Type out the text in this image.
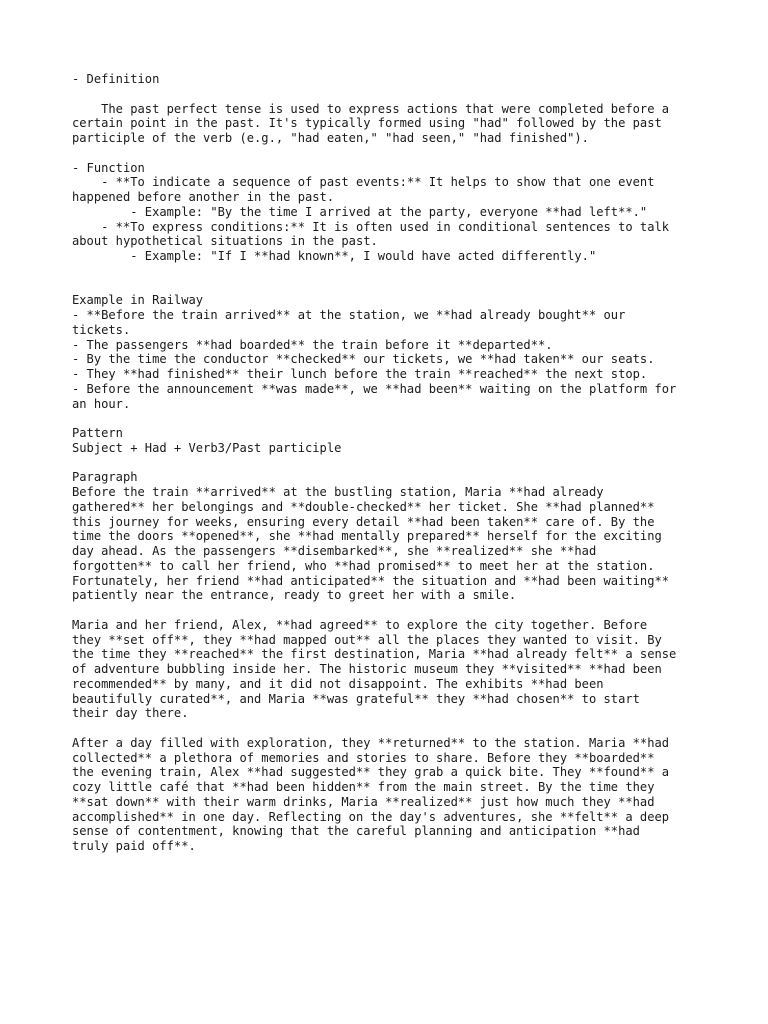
- Definition
The past perfect tense is used to express actions that were completed before a
certain point in the past. It's typically formed using "had" followed by the past
participle of the verb (e.g., "had eaten," "had seen," "had finished").
- Function
- **To indicate a sequence of past events:** It helps to show that one event
happened before another in the past.
- Example: "By the time I arrived at the party, everyone **had left**."
- **To express conditions:** It is often used in conditional sentences to talk
about hypothetical situations in the past.
- Example: "If I **had known**, I would have acted differently."
Example in Railway
- **Before the train arrived** at the station, we **had already bought** our
tickets.
- The passengers **had boarded** the train before it **departed**.
- By the time the conductor **checked** our tickets, we **had taken** our seats.
- They **had finished** their lunch before the train **reached** the next stop.
- Before the announcement **was made**, we **had been** waiting on the platform for
an hour.
Pattern
Subject + Had + Verb3/Past participle
Paragraph
Before the train **arrived** at the bustling station, Maria **had already
gathered** her belongings and **double-checked** her ticket. She **had planned**
this journey for weeks, ensuring every detail **had been taken** care of. By the
time the doors **opened**, she **had mentally prepared** herself for the exciting
day ahead. As the passengers **disembarked**, she **realized** she **had
forgotten** to call her friend, who **had promised** to meet her at the station.
Fortunately, her friend **had anticipated** the situation and **had been waiting**
patiently near the entrance, ready to greet her with a smile.
Maria and her friend, Alex, **had agreed** to explore the city together. Before
they **set off**, they **had mapped out** all the places they wanted to visit. By
the time they **reached** the first destination, Maria **had already felt** a sense
of adventure bubbling inside her. The historic museum they **visited** **had been
recommended** by many, and it did not disappoint. The exhibits **had been
beautifully curated**, and Maria **was grateful** they **had chosen** to start
their day there.
After a day filled with exploration, they **returned** to the station. Maria **had
collected** a plethora of memories and stories to share. Before they **boarded**
the evening train, Alex **had suggested** they grab a quick bite. They **found** a
cozy little café that **had been hidden** from the main street. By the time they
**sat down** with their warm drinks, Maria **realized** just how much they **had
accomplished** in one day. Reflecting on the day's adventures, she **felt** a deep
sense of contentment, knowing that the careful planning and anticipation **had
truly paid off**.
